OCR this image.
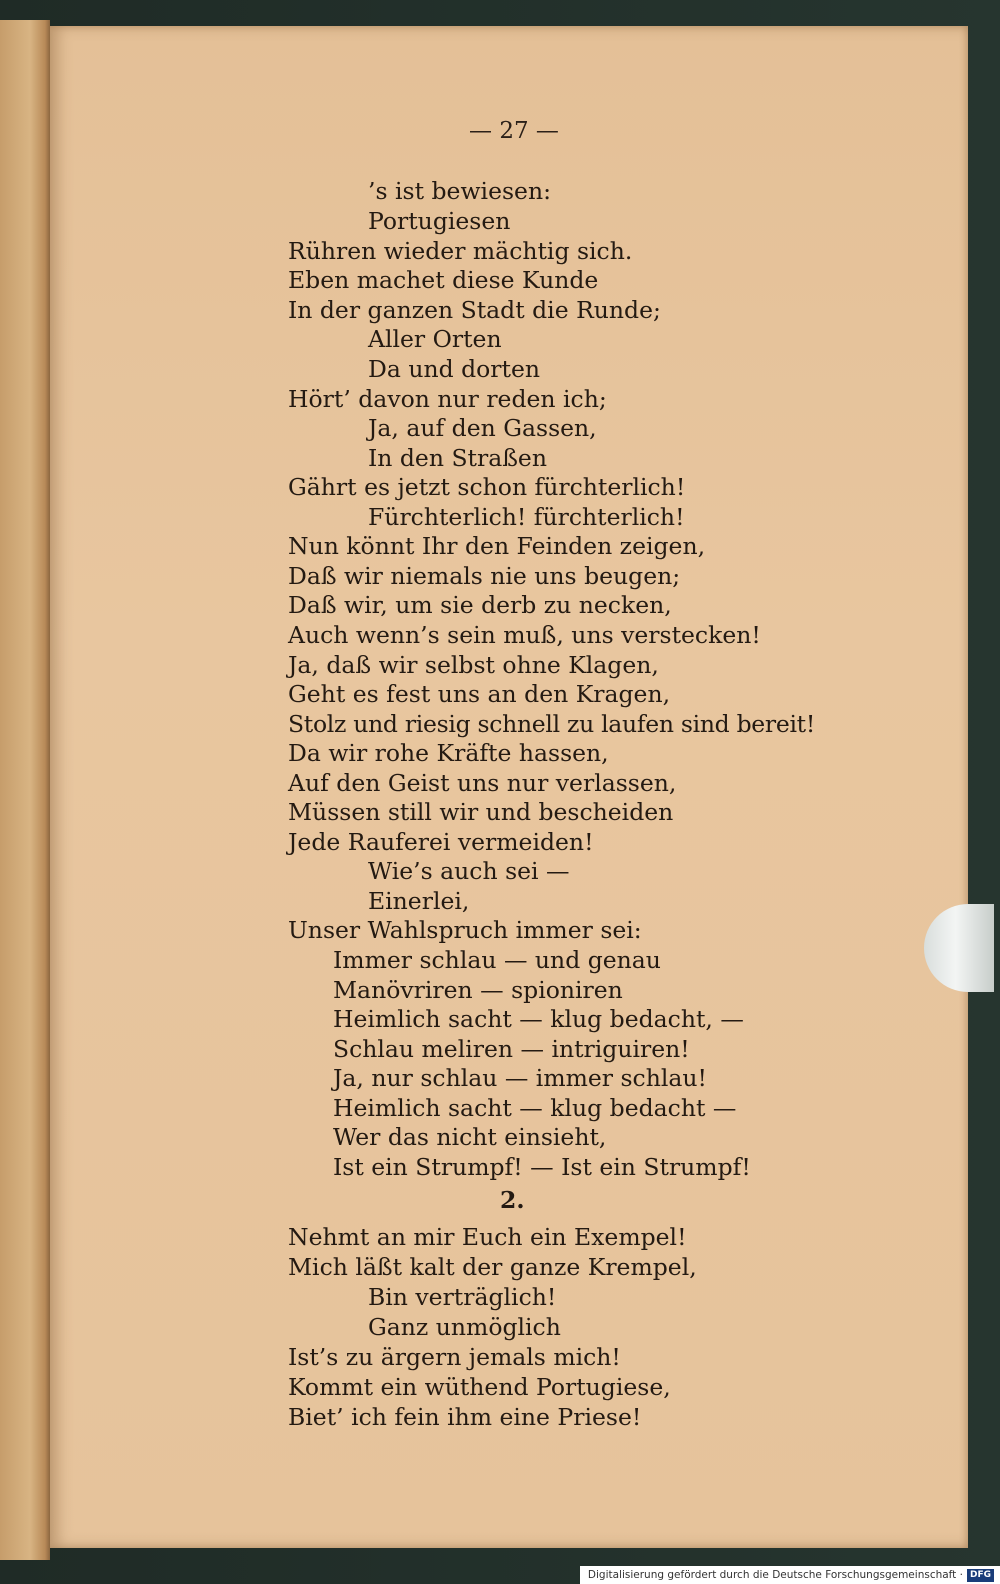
— 27 —
’s ist bewiesen:
Portugiesen
Rühren wieder mächtig sich.
Eben machet diese Kunde
In der ganzen Stadt die Runde;
Aller Orten
Da und dorten
Hört’ davon nur reden ich;
Ja, auf den Gassen,
In den Straßen
Gährt es jetzt schon fürchterlich!
Fürchterlich! fürchterlich!
Nun könnt Ihr den Feinden zeigen,
Daß wir niemals nie uns beugen;
Daß wir, um sie derb zu necken,
Auch wenn’s sein muß, uns verstecken!
Ja, daß wir selbst ohne Klagen,
Geht es fest uns an den Kragen,
Stolz und riesig schnell zu laufen sind bereit!
Da wir rohe Kräfte hassen,
Auf den Geist uns nur verlassen,
Müssen still wir und bescheiden
Jede Rauferei vermeiden!
Wie’s auch sei —
Einerlei,
Unser Wahlspruch immer sei:
Immer schlau — und genau
Manövriren — spioniren
Heimlich sacht — klug bedacht, —
Schlau meliren — intriguiren!
Ja, nur schlau — immer schlau!
Heimlich sacht — klug bedacht —
Wer das nicht einsieht,
Ist ein Strumpf! — Ist ein Strumpf!
2.
Nehmt an mir Euch ein Exempel!
Mich läßt kalt der ganze Krempel,
Bin verträglich!
Ganz unmöglich
Ist’s zu ärgern jemals mich!
Kommt ein wüthend Portugiese,
Biet’ ich fein ihm eine Priese!
Digitalisierung gefördert durch die Deutsche Forschungsgemeinschaft · DFG
